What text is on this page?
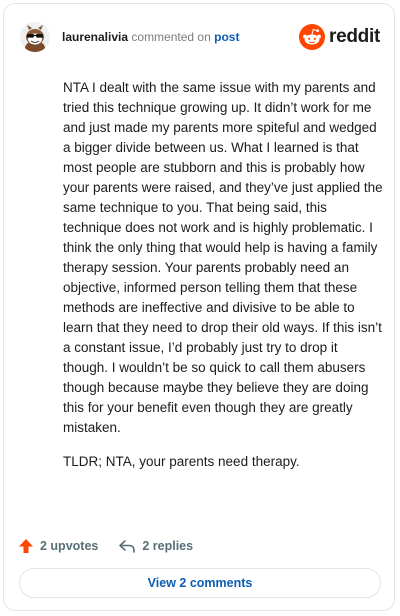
laurenalivia commented on post	reddit

NTA I dealt with the same issue with my parents and tried this technique growing up. It didn’t work for me and just made my parents more spiteful and wedged a bigger divide between us. What I learned is that most people are stubborn and this is probably how your parents were raised, and they’ve just applied the same technique to you. That being said, this technique does not work and is highly problematic. I think the only thing that would help is having a family therapy session. Your parents probably need an objective, informed person telling them that these methods are ineffective and divisive to be able to learn that they need to drop their old ways. If this isn’t a constant issue, I’d probably just try to drop it though. I wouldn’t be so quick to call them abusers though because maybe they believe they are doing this for your benefit even though they are greatly mistaken.

TLDR; NTA, your parents need therapy.

2 upvotes	2 replies
View 2 comments
